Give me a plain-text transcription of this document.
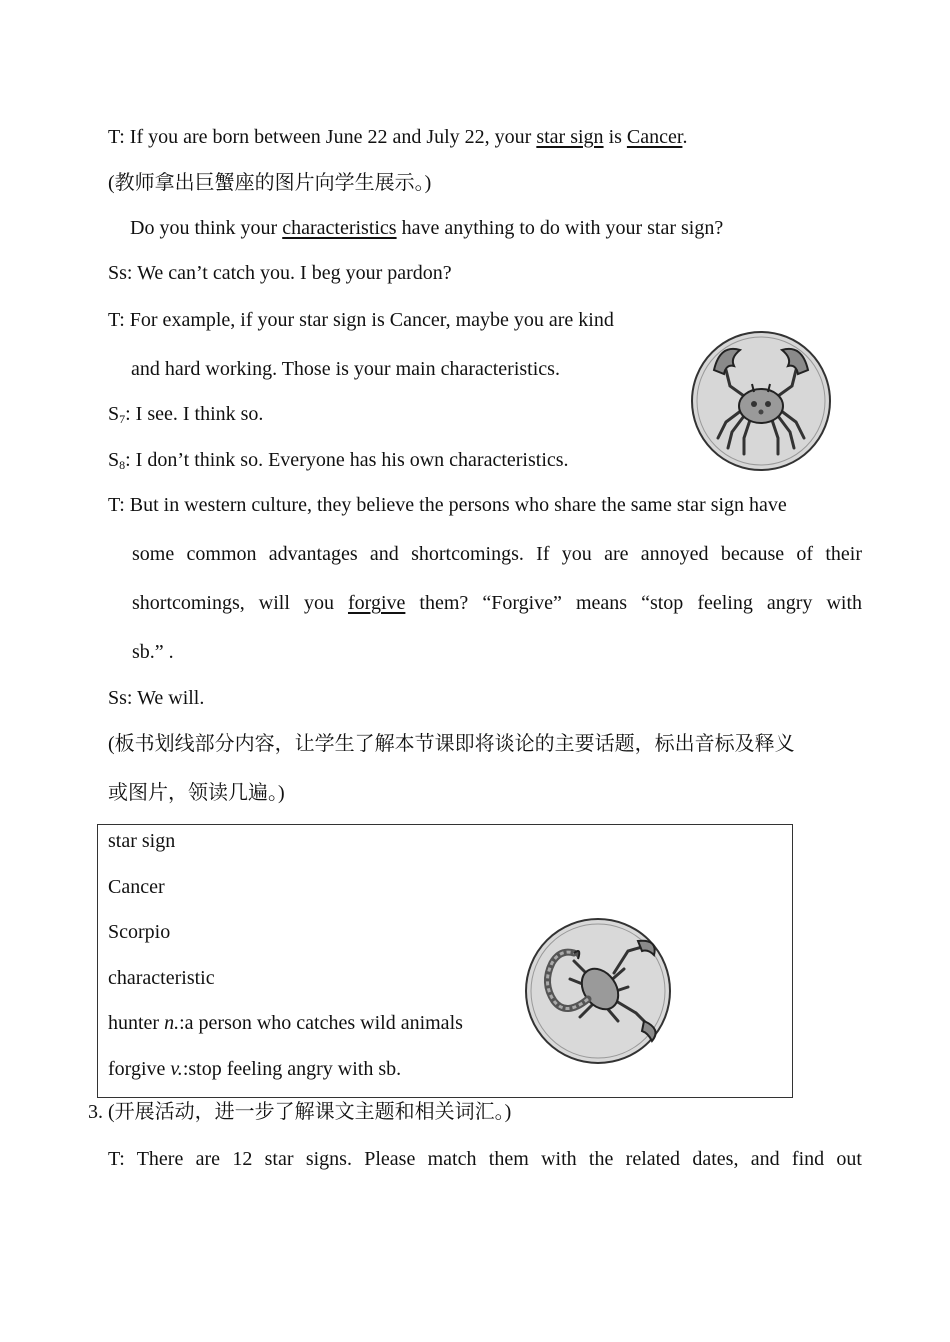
T: If you are born between June 22 and July 22, your star sign is Cancer.
(教师拿出巨蟹座的图片向学生展示。)
Do you think your characteristics have anything to do with your star sign?
Ss: We can’t catch you. I beg your pardon?
T: For example, if your star sign is Cancer, maybe you are kind
and hard working. Those is your main characteristics.
$S_7$: I see. I think so.
$S_8$: I don’t think so. Everyone has his own characteristics.
T: But in western culture, they believe the persons who share the same star sign have
some common advantages and shortcomings. If you are annoyed because of their
shortcomings, will you forgive them? “Forgive” means “stop feeling angry with
sb.” .
Ss: We will.
(板书划线部分内容，让学生了解本节课即将谈论的主要话题，标出音标及释义
或图片，领读几遍。)
star sign
Cancer
Scorpio
characteristic
hunter n.:a person who catches wild animals
forgive v.:stop feeling angry with sb.
3. (开展活动，进一步了解课文主题和相关词汇。)
T: There are 12 star signs. Please match them with the related dates, and find out
